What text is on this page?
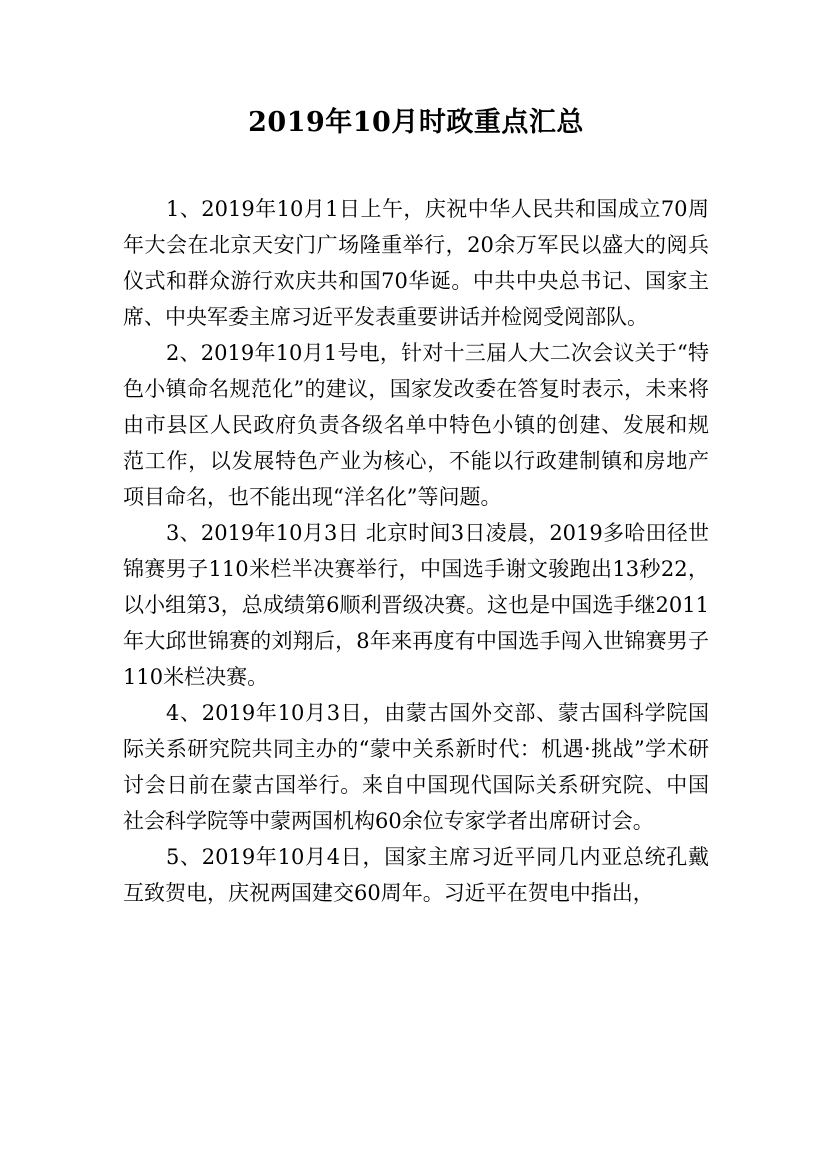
2019年10月时政重点汇总

1、2019年10月1日上午，庆祝中华人民共和国成立70周年大会在北京天安门广场隆重举行，20余万军民以盛大的阅兵仪式和群众游行欢庆共和国70华诞。中共中央总书记、国家主席、中央军委主席习近平发表重要讲话并检阅受阅部队。

2、2019年10月1号电，针对十三届人大二次会议关于“特色小镇命名规范化”的建议，国家发改委在答复时表示，未来将由市县区人民政府负责各级名单中特色小镇的创建、发展和规范工作，以发展特色产业为核心，不能以行政建制镇和房地产项目命名，也不能出现“洋名化”等问题。

3、2019年10月3日 北京时间3日凌晨，2019多哈田径世锦赛男子110米栏半决赛举行，中国选手谢文骏跑出13秒22，以小组第3，总成绩第6顺利晋级决赛。这也是中国选手继2011年大邱世锦赛的刘翔后，8年来再度有中国选手闯入世锦赛男子110米栏决赛。

4、2019年10月3日，由蒙古国外交部、蒙古国科学院国际关系研究院共同主办的“蒙中关系新时代：机遇·挑战”学术研讨会日前在蒙古国举行。来自中国现代国际关系研究院、中国社会科学院等中蒙两国机构60余位专家学者出席研讨会。

5、2019年10月4日，国家主席习近平同几内亚总统孔戴互致贺电，庆祝两国建交60周年。习近平在贺电中指出，
